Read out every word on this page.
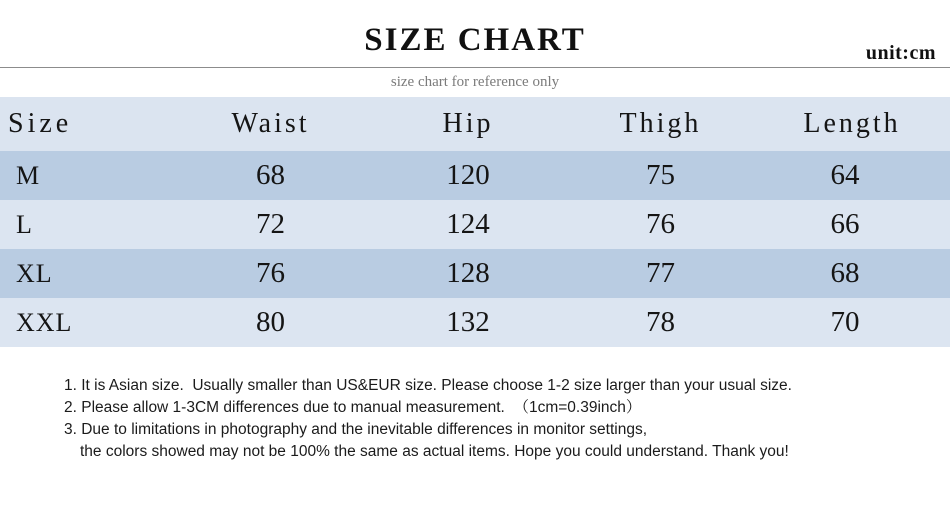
SIZE CHART	unit:cm
size chart for reference only
Size	Waist	Hip	Thigh	Length
M	68	120	75	64
L	72	124	76	66
XL	76	128	77	68
XXL	80	132	78	70
1. It is Asian size.  Usually smaller than US&EUR size. Please choose 1-2 size larger than your usual size.
2. Please allow 1-3CM differences due to manual measurement.  （1cm=0.39inch）
3. Due to limitations in photography and the inevitable differences in monitor settings,
the colors showed may not be 100% the same as actual items. Hope you could understand. Thank you!
